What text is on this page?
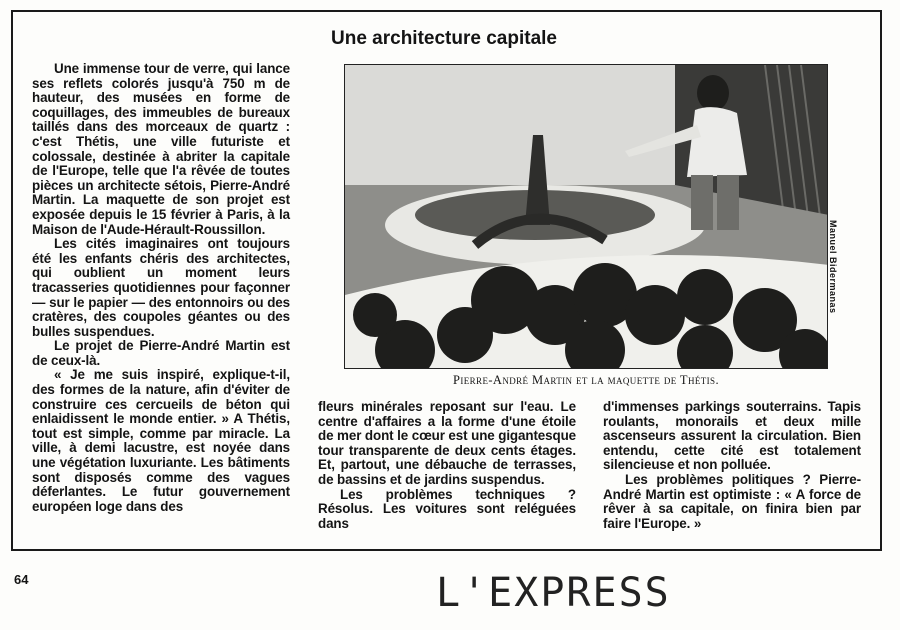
Une architecture capitale

Une immense tour de verre, qui lance ses reflets colorés jusqu'à 750 m de hauteur, des musées en forme de coquillages, des immeubles de bureaux taillés dans des morceaux de quartz : c'est Thétis, une ville futuriste et colossale, destinée à abriter la capitale de l'Europe, telle que l'a rêvée de toutes pièces un architecte sétois, Pierre-André Martin. La maquette de son projet est exposée depuis le 15 février à Paris, à la Maison de l'Aude-Hérault-Roussillon.

Les cités imaginaires ont toujours été les enfants chéris des architectes, qui oublient un moment leurs tracasseries quotidiennes pour façonner — sur le papier — des entonnoirs ou des cratères, des coupoles géantes ou des bulles suspendues.

Le projet de Pierre-André Martin est de ceux-là.

« Je me suis inspiré, explique-t-il, des formes de la nature, afin d'éviter de construire ces cercueils de béton qui enlaidissent le monde entier. » A Thétis, tout est simple, comme par miracle. La ville, à demi lacustre, est noyée dans une végétation luxuriante. Les bâtiments sont disposés comme des vagues déferlantes. Le futur gouvernement européen loge dans des

Manuel Bidermanas
Pierre-André Martin et la maquette de Thétis.

fleurs minérales reposant sur l'eau. Le centre d'affaires a la forme d'une étoile de mer dont le cœur est une gigantesque tour transparente de deux cents étages. Et, partout, une débauche de terrasses, de bassins et de jardins suspendus.

Les problèmes techniques ? Résolus. Les voitures sont reléguées dans

d'immenses parkings souterrains. Tapis roulants, monorails et deux mille ascenseurs assurent la circulation. Bien entendu, cette cité est totalement silencieuse et non polluée.

Les problèmes politiques ? Pierre-André Martin est optimiste : « A force de rêver à sa capitale, on finira bien par faire l'Europe. »

64	L'EXPRESS
